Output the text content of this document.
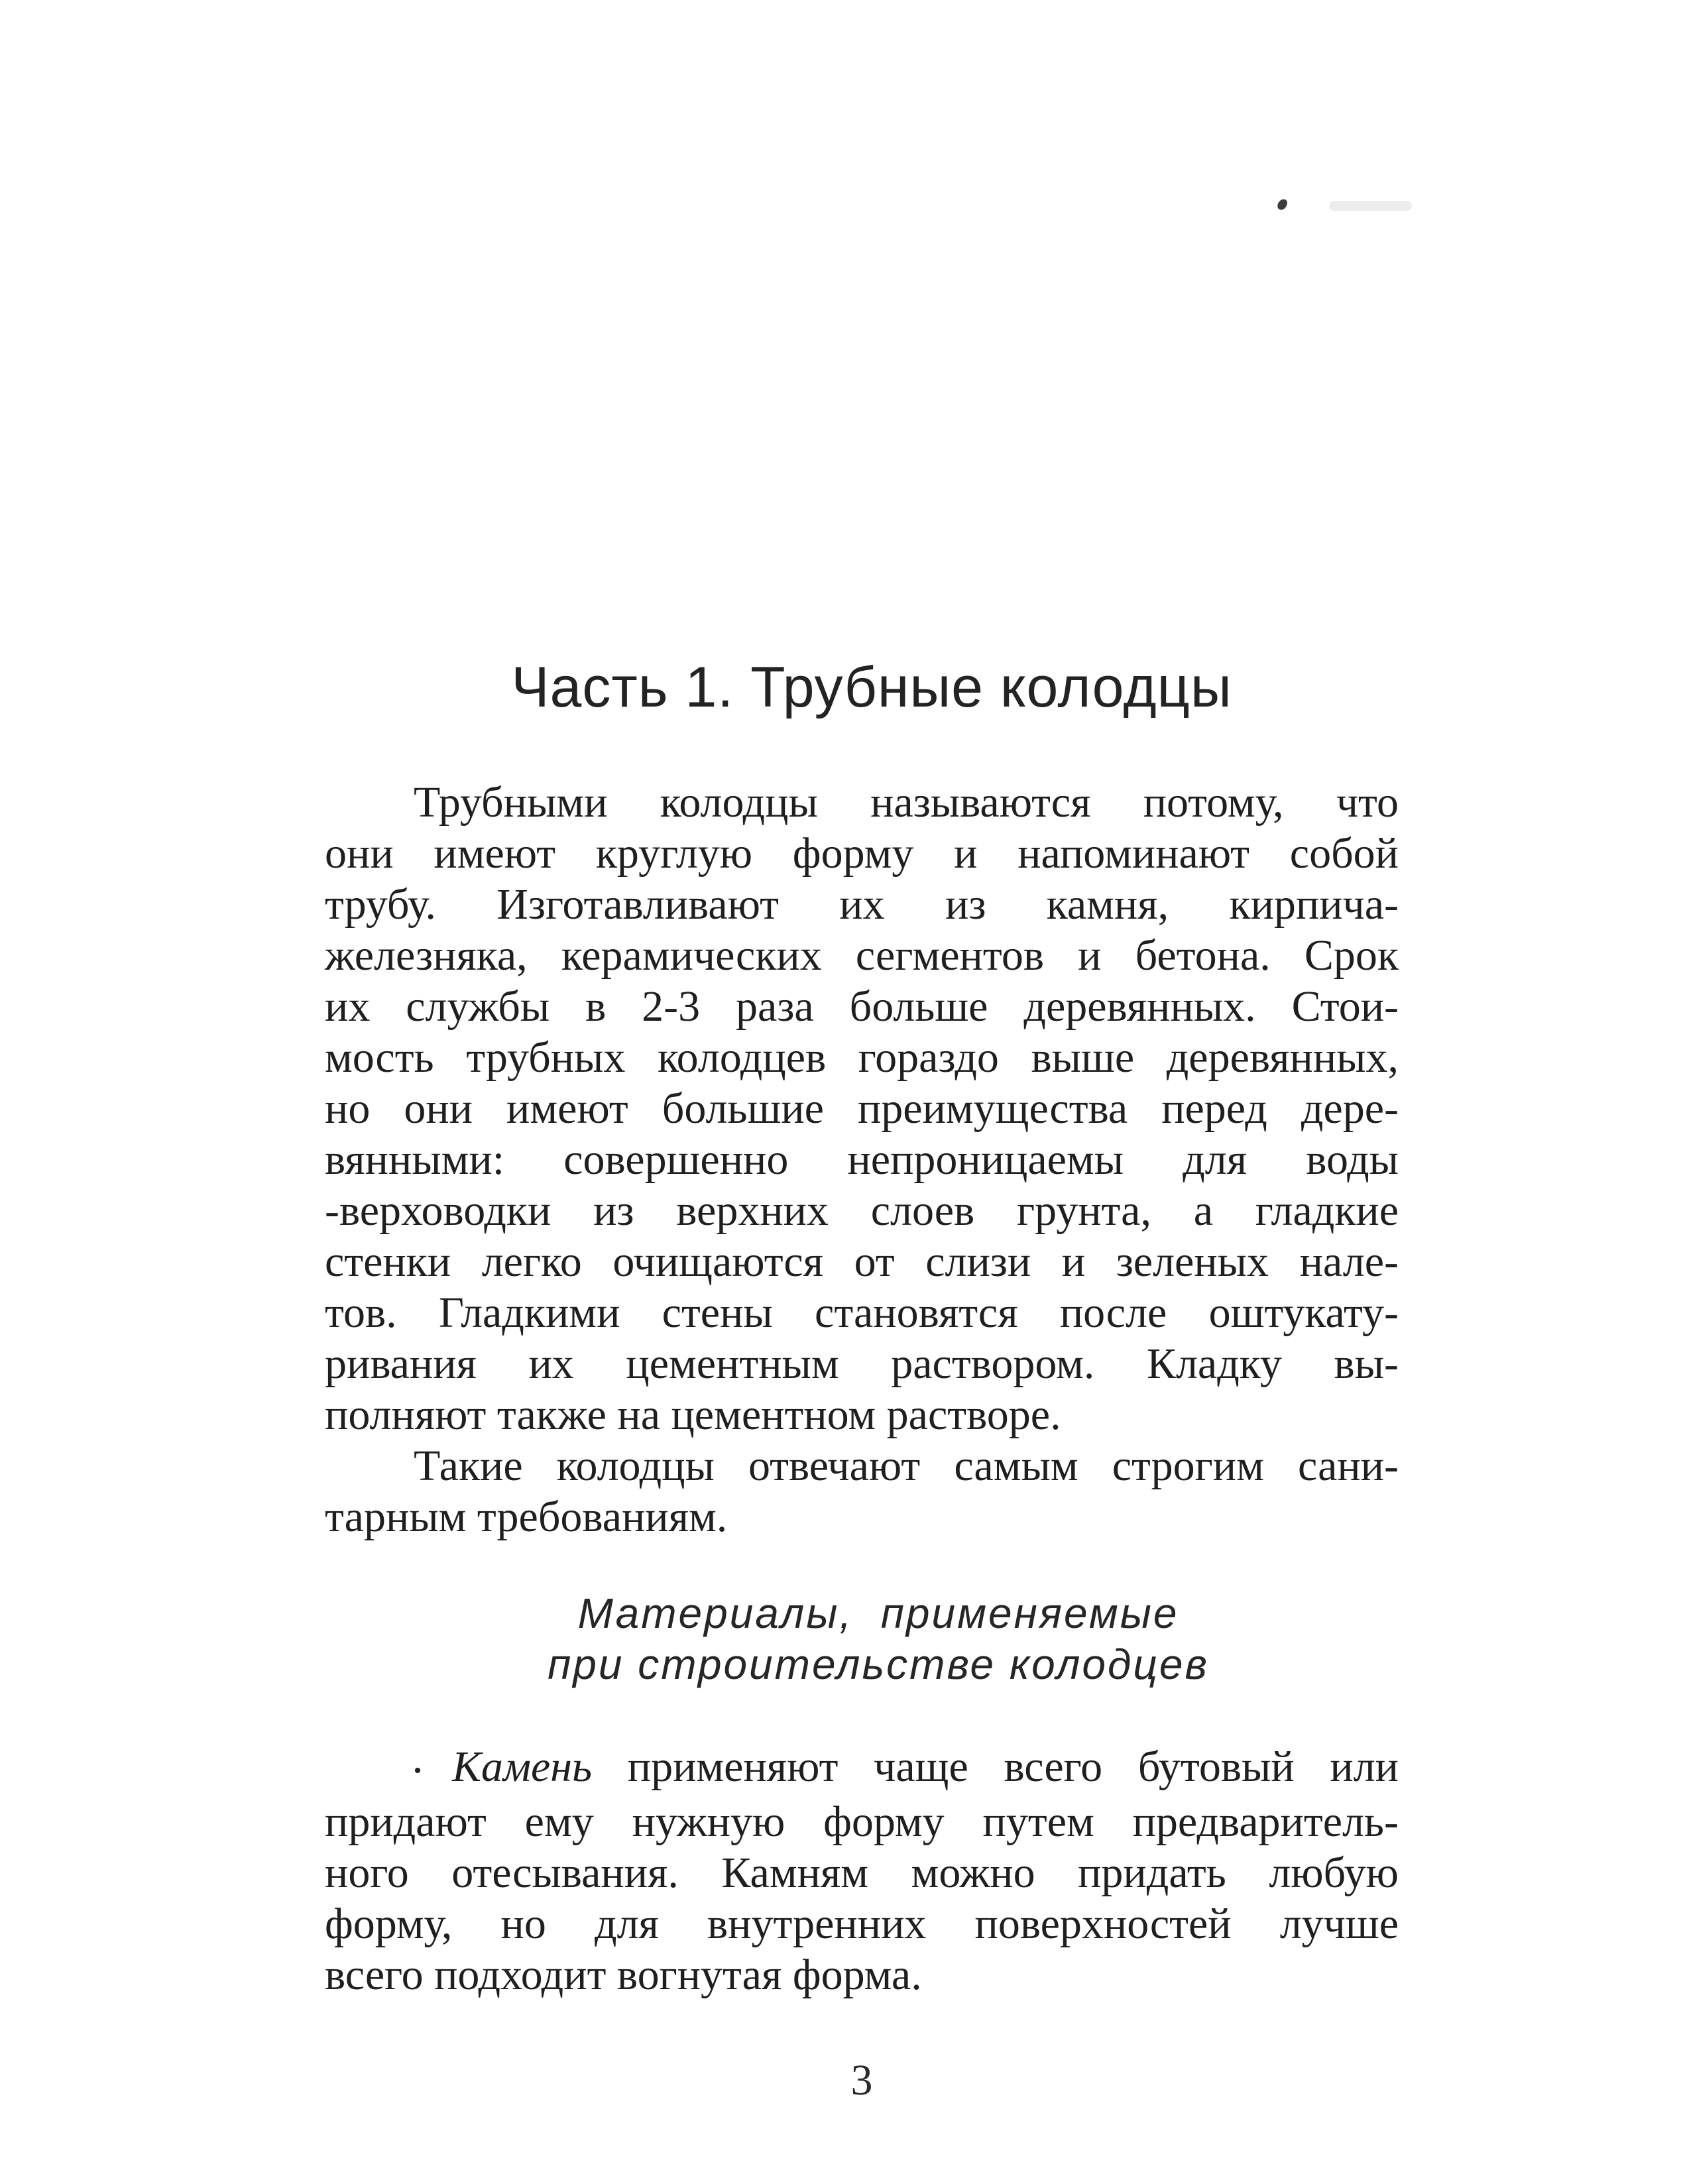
Часть 1. Трубные колодцы
Трубными колодцы называются потому, что
они имеют круглую форму и напоминают собой
трубу. Изготавливают их из камня, кирпича-
железняка, керамических сегментов и бетона. Срок
их службы в 2-3 раза больше деревянных. Стои-
мость трубных колодцев гораздо выше деревянных,
но они имеют большие преимущества перед дере-
вянными: совершенно непроницаемы для воды
-верховодки из верхних слоев грунта, а гладкие
стенки легко очищаются от слизи и зеленых нале-
тов. Гладкими стены становятся после оштукату-
ривания их цементным раствором. Кладку вы-
полняют также на цементном растворе.
Такие колодцы отвечают самым строгим сани-
тарным требованиям.
Материалы,  применяемые
при строительстве колодцев
• Камень применяют чаще всего бутовый или
придают ему нужную форму путем предваритель-
ного отесывания. Камням можно придать любую
форму, но для внутренних поверхностей лучше
всего подходит вогнутая форма.
3
